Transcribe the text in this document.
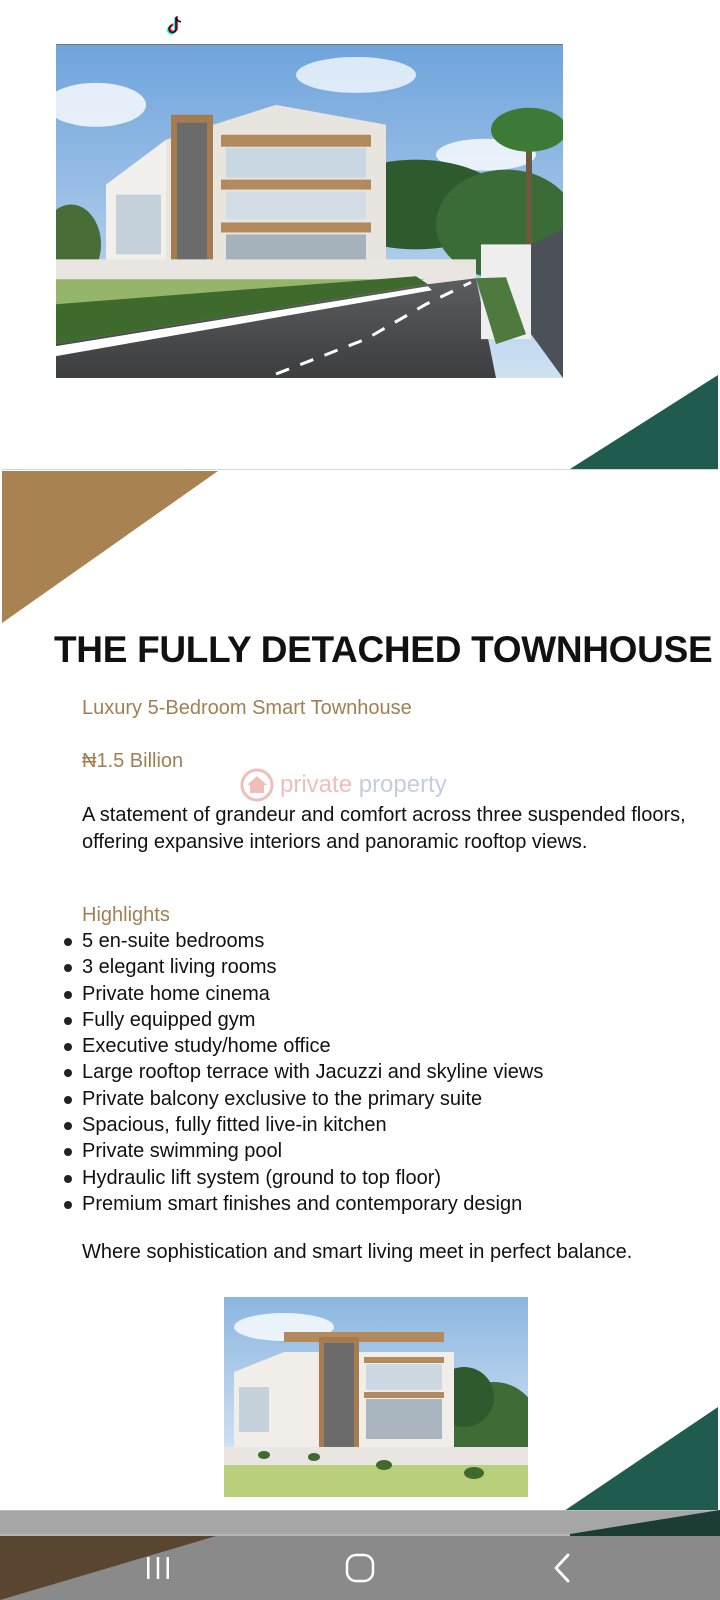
THE FULLY DETACHED TOWNHOUSE
Luxury 5-Bedroom Smart Townhouse
₦1.5 Billion
private property
A statement of grandeur and comfort across three suspended floors, offering expansive interiors and panoramic rooftop views.
Highlights
5 en-suite bedrooms
3 elegant living rooms
Private home cinema
Fully equipped gym
Executive study/home office
Large rooftop terrace with Jacuzzi and skyline views
Private balcony exclusive to the primary suite
Spacious, fully fitted live-in kitchen
Private swimming pool
Hydraulic lift system (ground to top floor)
Premium smart finishes and contemporary design
Where sophistication and smart living meet in perfect balance.
